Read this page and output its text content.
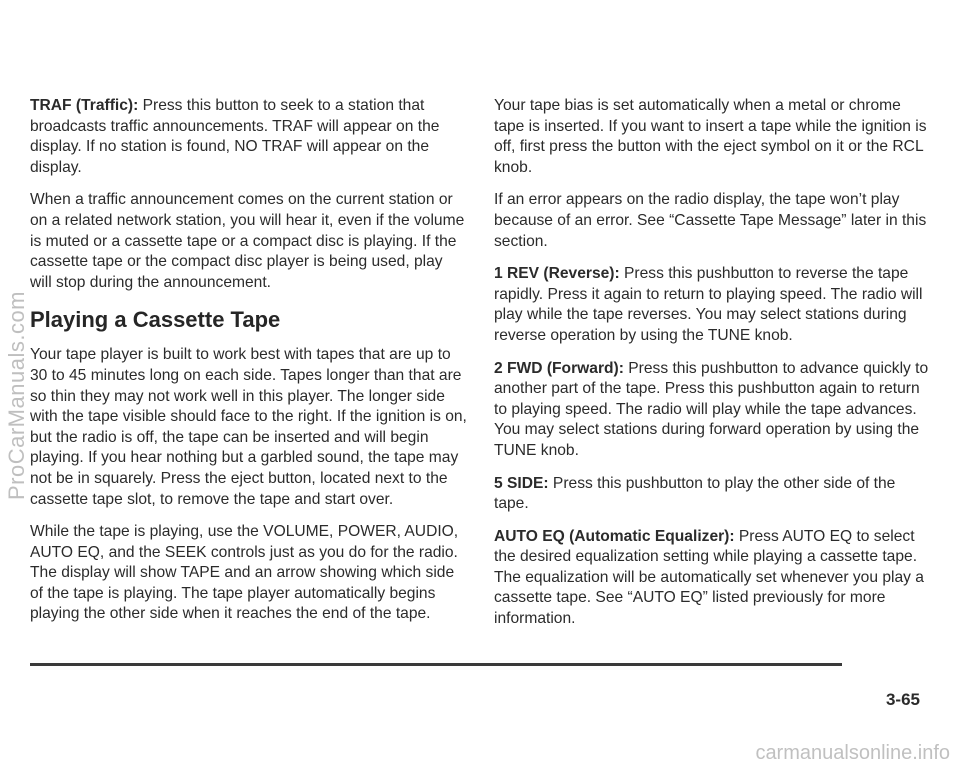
TRAF (Traffic): Press this button to seek to a station that broadcasts traffic announcements. TRAF will appear on the display. If no station is found, NO TRAF will appear on the display.

When a traffic announcement comes on the current station or on a related network station, you will hear it, even if the volume is muted or a cassette tape or a compact disc is playing. If the cassette tape or the compact disc player is being used, play will stop during the announcement.

Playing a Cassette Tape

Your tape player is built to work best with tapes that are up to 30 to 45 minutes long on each side. Tapes longer than that are so thin they may not work well in this player. The longer side with the tape visible should face to the right. If the ignition is on, but the radio is off, the tape can be inserted and will begin playing. If you hear nothing but a garbled sound, the tape may not be in squarely. Press the eject button, located next to the cassette tape slot, to remove the tape and start over.

While the tape is playing, use the VOLUME, POWER, AUDIO, AUTO EQ, and the SEEK controls just as you do for the radio. The display will show TAPE and an arrow showing which side of the tape is playing. The tape player automatically begins playing the other side when it reaches the end of the tape.

Your tape bias is set automatically when a metal or chrome tape is inserted. If you want to insert a tape while the ignition is off, first press the button with the eject symbol on it or the RCL knob.

If an error appears on the radio display, the tape won’t play because of an error. See “Cassette Tape Message” later in this section.

1 REV (Reverse): Press this pushbutton to reverse the tape rapidly. Press it again to return to playing speed. The radio will play while the tape reverses. You may select stations during reverse operation by using the TUNE knob.

2 FWD (Forward): Press this pushbutton to advance quickly to another part of the tape. Press this pushbutton again to return to playing speed. The radio will play while the tape advances. You may select stations during forward operation by using the TUNE knob.

5 SIDE: Press this pushbutton to play the other side of the tape.

AUTO EQ (Automatic Equalizer): Press AUTO EQ to select the desired equalization setting while playing a cassette tape. The equalization will be automatically set whenever you play a cassette tape. See “AUTO EQ” listed previously for more information.

3-65
ProCarManuals.com
carmanualsonline.info
